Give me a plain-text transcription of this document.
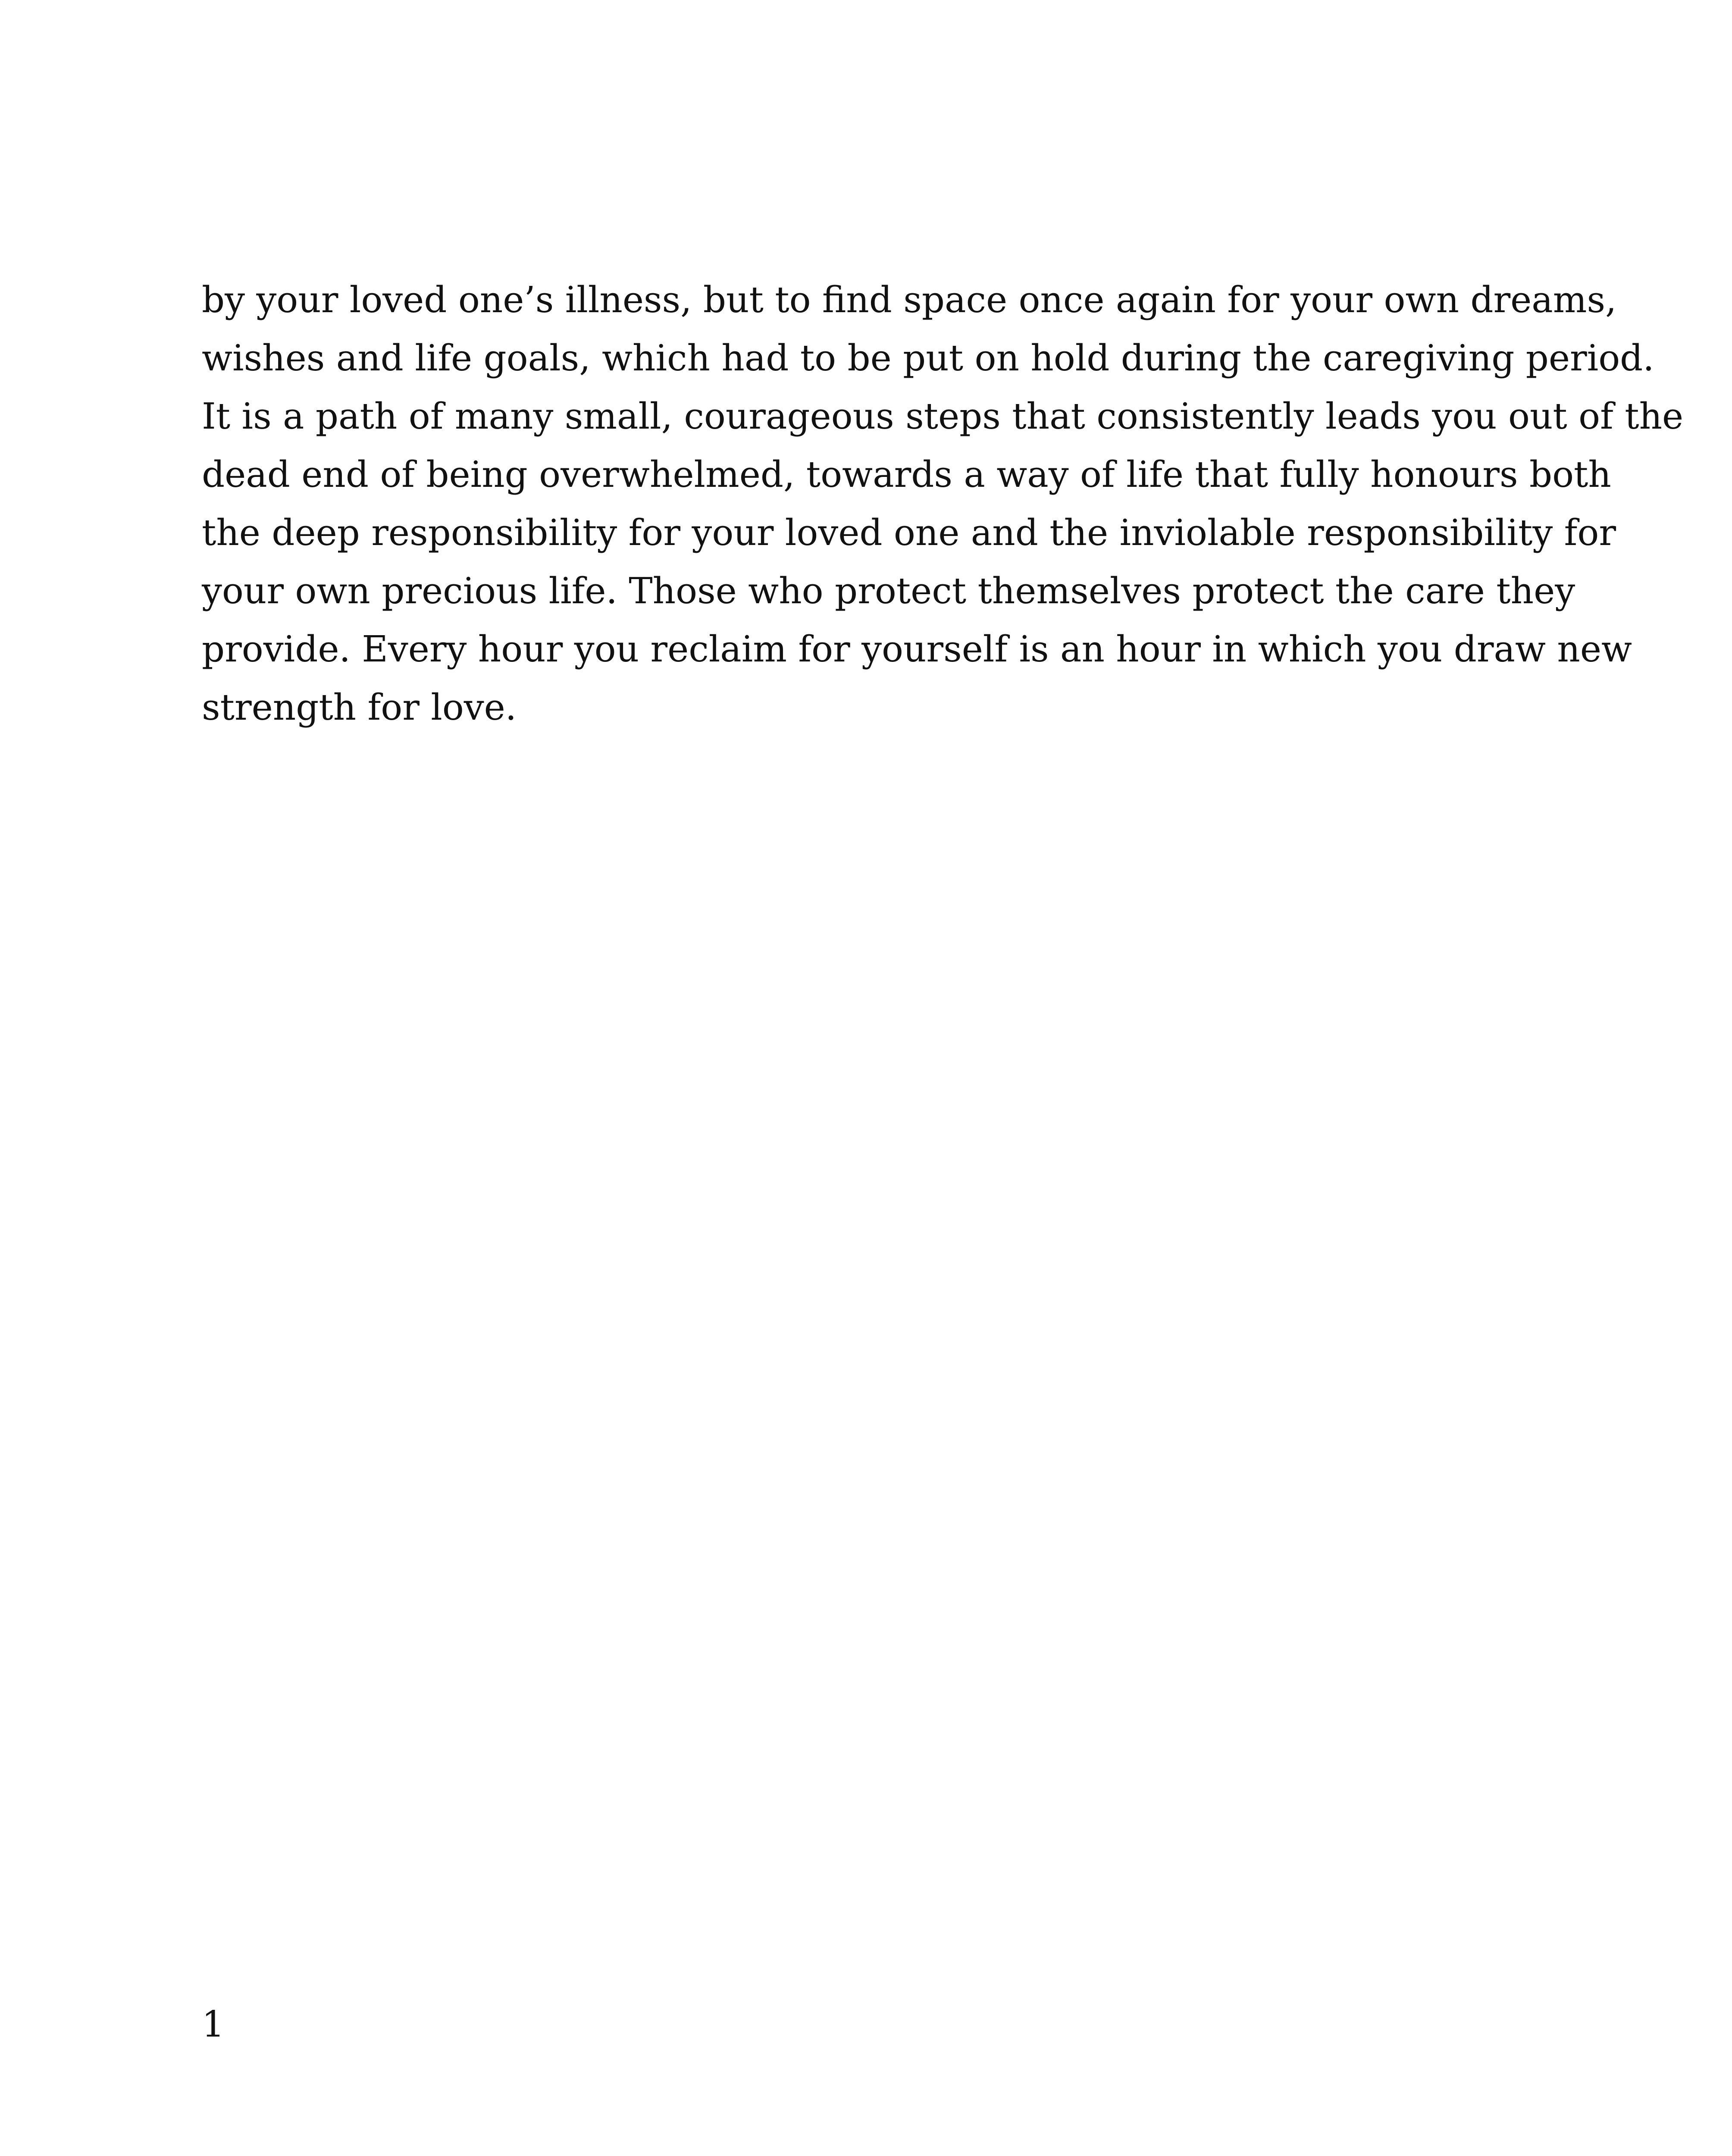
by your loved one’s illness, but to find space once again for your own dreams,
wishes and life goals, which had to be put on hold during the caregiving period.
It is a path of many small, courageous steps that consistently leads you out of the
dead end of being overwhelmed, towards a way of life that fully honours both
the deep responsibility for your loved one and the inviolable responsibility for
your own precious life. Those who protect themselves protect the care they
provide. Every hour you reclaim for yourself is an hour in which you draw new
strength for love.

1
